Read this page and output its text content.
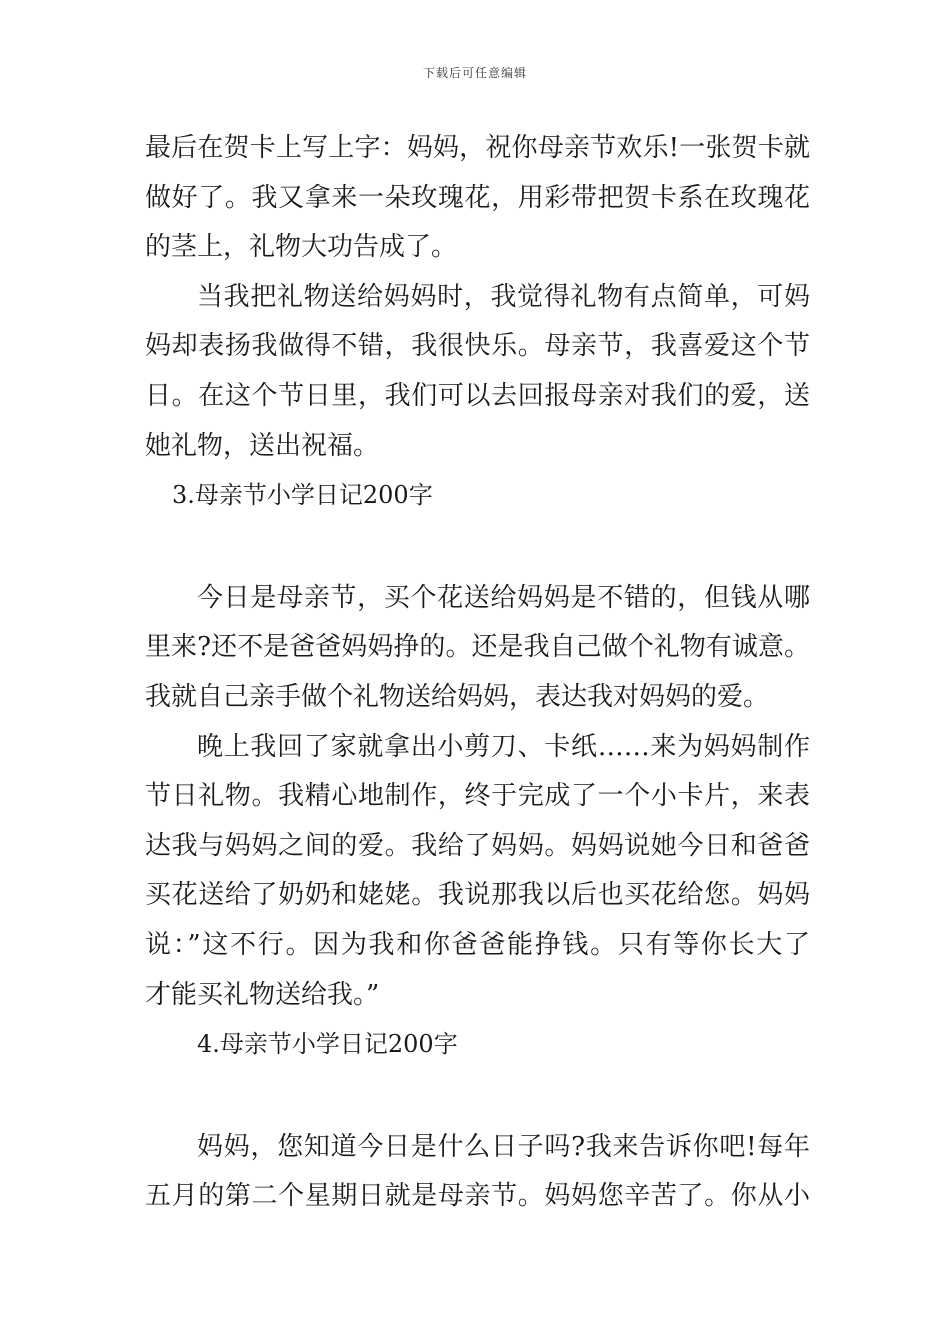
下载后可任意编辑
最后在贺卡上写上字：妈妈，祝你母亲节欢乐!一张贺卡就
做好了。我又拿来一朵玫瑰花，用彩带把贺卡系在玫瑰花
的茎上，礼物大功告成了。
当我把礼物送给妈妈时，我觉得礼物有点简单，可妈
妈却表扬我做得不错，我很快乐。母亲节，我喜爱这个节
日。在这个节日里，我们可以去回报母亲对我们的爱，送
她礼物，送出祝福。
3.母亲节小学日记200字
今日是母亲节，买个花送给妈妈是不错的，但钱从哪
里来?还不是爸爸妈妈挣的。还是我自己做个礼物有诚意。
我就自己亲手做个礼物送给妈妈，表达我对妈妈的爱。
晚上我回了家就拿出小剪刀、卡纸……来为妈妈制作
节日礼物。我精心地制作，终于完成了一个小卡片，来表
达我与妈妈之间的爱。我给了妈妈。妈妈说她今日和爸爸
买花送给了奶奶和姥姥。我说那我以后也买花给您。妈妈
说：”这不行。因为我和你爸爸能挣钱。只有等你长大了
才能买礼物送给我。”
4.母亲节小学日记200字
妈妈，您知道今日是什么日子吗?我来告诉你吧!每年
五月的第二个星期日就是母亲节。妈妈您辛苦了。你从小
